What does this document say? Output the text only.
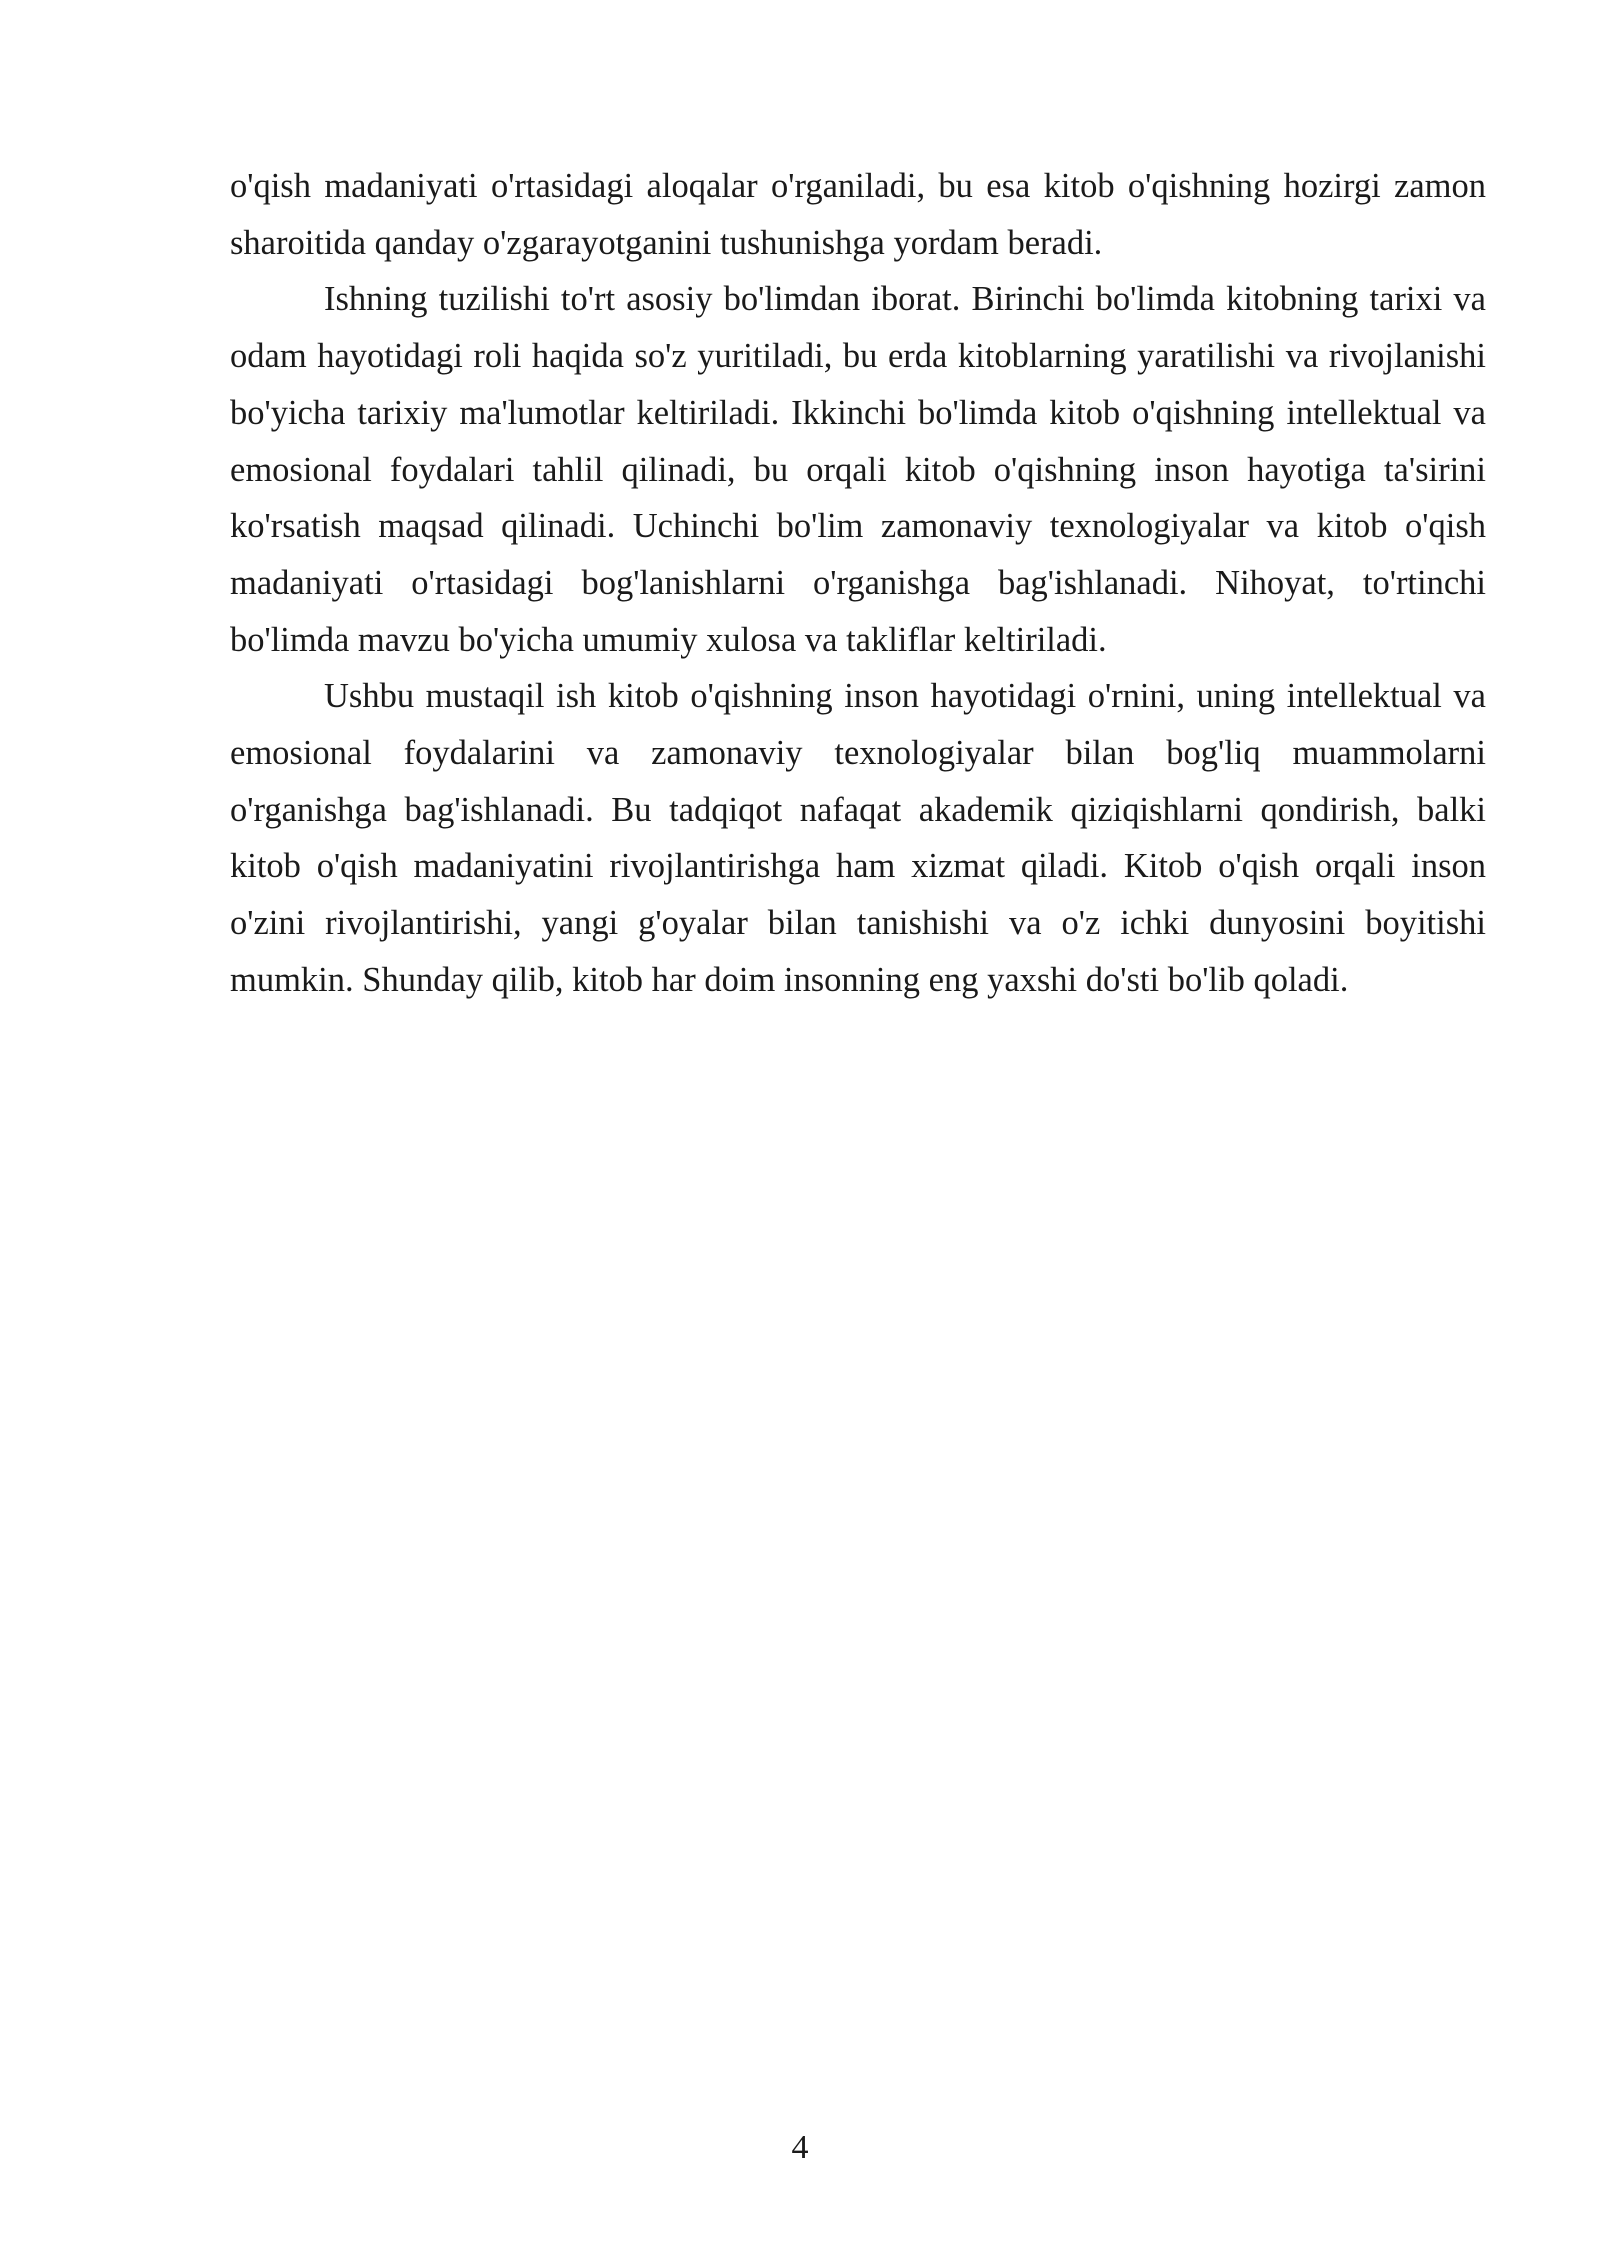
o'qish madaniyati o'rtasidagi aloqalar o'rganiladi, bu esa kitob o'qishning hozirgi zamon sharoitida qanday o'zgarayotganini tushunishga yordam beradi.

Ishning tuzilishi to'rt asosiy bo'limdan iborat. Birinchi bo'limda kitobning tarixi va odam hayotidagi roli haqida so'z yuritiladi, bu erda kitoblarning yaratilishi va rivojlanishi bo'yicha tarixiy ma'lumotlar keltiriladi. Ikkinchi bo'limda kitob o'qishning intellektual va emosional foydalari tahlil qilinadi, bu orqali kitob o'qishning inson hayotiga ta'sirini ko'rsatish maqsad qilinadi. Uchinchi bo'lim zamonaviy texnologiyalar va kitob o'qish madaniyati o'rtasidagi bog'lanishlarni o'rganishga bag'ishlanadi. Nihoyat, to'rtinchi bo'limda mavzu bo'yicha umumiy xulosa va takliflar keltiriladi.

Ushbu mustaqil ish kitob o'qishning inson hayotidagi o'rnini, uning intellektual va emosional foydalarini va zamonaviy texnologiyalar bilan bog'liq muammolarni o'rganishga bag'ishlanadi. Bu tadqiqot nafaqat akademik qiziqishlarni qondirish, balki kitob o'qish madaniyatini rivojlantirishga ham xizmat qiladi. Kitob o'qish orqali inson o'zini rivojlantirishi, yangi g'oyalar bilan tanishishi va o'z ichki dunyosini boyitishi mumkin. Shunday qilib, kitob har doim insonning eng yaxshi do'sti bo'lib qoladi.

4
